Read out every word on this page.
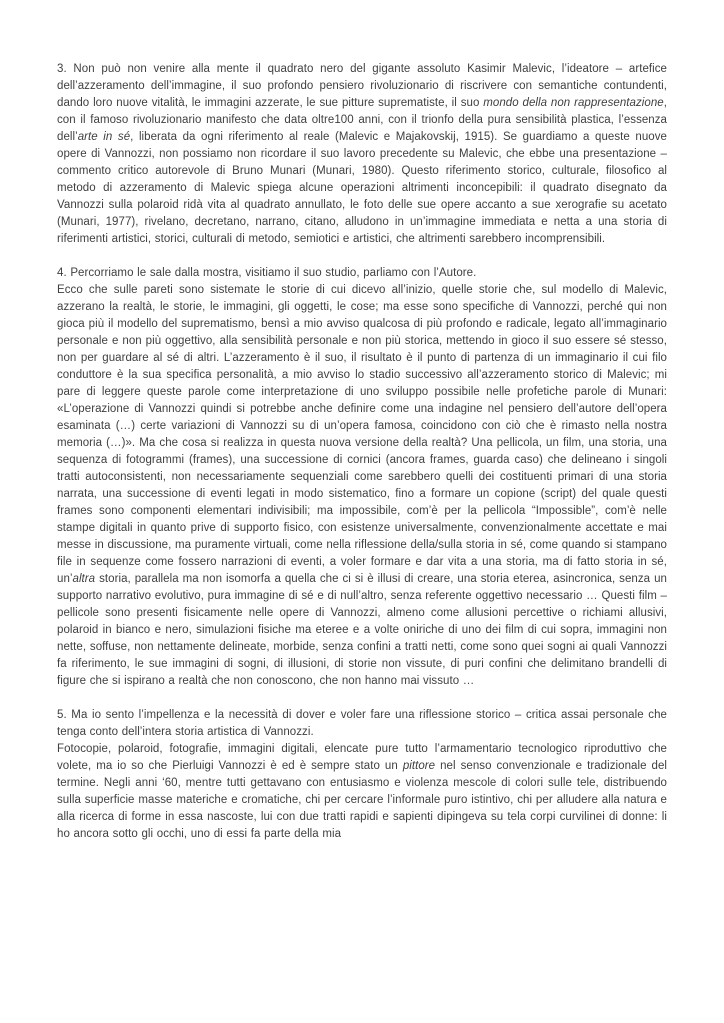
3. Non può non venire alla mente il quadrato nero del gigante assoluto Kasimir Malevic, l’ideatore – artefice dell’azzeramento dell’immagine, il suo profondo pensiero rivoluzionario di riscrivere con semantiche contundenti, dando loro nuove vitalità, le immagini azzerate, le sue pitture suprematiste, il suo mondo della non rappresentazione, con il famoso rivoluzionario manifesto che data oltre100 anni, con il trionfo della pura sensibilità plastica, l’essenza dell’arte in sé, liberata da ogni riferimento al reale (Malevic e Majakovskij, 1915). Se guardiamo a queste nuove opere di Vannozzi, non possiamo non ricordare il suo lavoro precedente su Malevic, che ebbe una presentazione – commento critico autorevole di Bruno Munari (Munari, 1980). Questo riferimento storico, culturale, filosofico al metodo di azzeramento di Malevic spiega alcune operazioni altrimenti inconcepibili: il quadrato disegnato da Vannozzi sulla polaroid ridà vita al quadrato annullato, le foto delle sue opere accanto a sue xerografie su acetato (Munari, 1977), rivelano, decretano, narrano, citano, alludono in un’immagine immediata e netta a una storia di riferimenti artistici, storici, culturali di metodo, semiotici e artistici, che altrimenti sarebbero incomprensibili.

4. Percorriamo le sale dalla mostra, visitiamo il suo studio, parliamo con l’Autore.

Ecco che sulle pareti sono sistemate le storie di cui dicevo all’inizio, quelle storie che, sul modello di Malevic, azzerano la realtà, le storie, le immagini, gli oggetti, le cose; ma esse sono specifiche di Vannozzi, perché qui non gioca più il modello del suprematismo, bensì a mio avviso qualcosa di più profondo e radicale, legato all’immaginario personale e non più oggettivo, alla sensibilità personale e non più storica, mettendo in gioco il suo essere sé stesso, non per guardare al sé di altri. L’azzeramento è il suo, il risultato è il punto di partenza di un immaginario il cui filo conduttore è la sua specifica personalità, a mio avviso lo stadio successivo all’azzeramento storico di Malevic; mi pare di leggere queste parole come interpretazione di uno sviluppo possibile nelle profetiche parole di Munari: «L’operazione di Vannozzi quindi si potrebbe anche definire come una indagine nel pensiero dell’autore dell’opera esaminata (…) certe variazioni di Vannozzi su di un’opera famosa, coincidono con ciò che è rimasto nella nostra memoria (…)». Ma che cosa si realizza in questa nuova versione della realtà? Una pellicola, un film, una storia, una sequenza di fotogrammi (frames), una successione di cornici (ancora frames, guarda caso) che delineano i singoli tratti autoconsistenti, non necessariamente sequenziali come sarebbero quelli dei costituenti primari di una storia narrata, una successione di eventi legati in modo sistematico, fino a formare un copione (script) del quale questi frames sono componenti elementari indivisibili; ma impossibile, com’è per la pellicola “Impossible”, com’è nelle stampe digitali in quanto prive di supporto fisico, con esistenze universalmente, convenzionalmente accettate e mai messe in discussione, ma puramente virtuali, come nella riflessione della/sulla storia in sé, come quando si stampano file in sequenze come fossero narrazioni di eventi, a voler formare e dar vita a una storia, ma di fatto storia in sé, un’altra storia, parallela ma non isomorfa a quella che ci si è illusi di creare, una storia eterea, asincronica, senza un supporto narrativo evolutivo, pura immagine di sé e di null’altro, senza referente oggettivo necessario … Questi film – pellicole sono presenti fisicamente nelle opere di Vannozzi, almeno come allusioni percettive o richiami allusivi, polaroid in bianco e nero, simulazioni fisiche ma eteree e a volte oniriche di uno dei film di cui sopra, immagini non nette, soffuse, non nettamente delineate, morbide, senza confini a tratti netti, come sono quei sogni ai quali Vannozzi fa riferimento, le sue immagini di sogni, di illusioni, di storie non vissute, di puri confini che delimitano brandelli di figure che si ispirano a realtà che non conoscono, che non hanno mai vissuto …

5. Ma io sento l’impellenza e la necessità di dover e voler fare una riflessione storico – critica assai personale che tenga conto dell’intera storia artistica di Vannozzi.

Fotocopie, polaroid, fotografie, immagini digitali, elencate pure tutto l’armamentario tecnologico riproduttivo che volete, ma io so che Pierluigi Vannozzi è ed è sempre stato un pittore nel senso convenzionale e tradizionale del termine. Negli anni ‘60, mentre tutti gettavano con entusiasmo e violenza mescole di colori sulle tele, distribuendo sulla superficie masse materiche e cromatiche, chi per cercare l’informale puro istintivo, chi per alludere alla natura e alla ricerca di forme in essa nascoste, lui con due tratti rapidi e sapienti dipingeva su tela corpi curvilinei di donne: li ho ancora sotto gli occhi, uno di essi fa parte della mia
